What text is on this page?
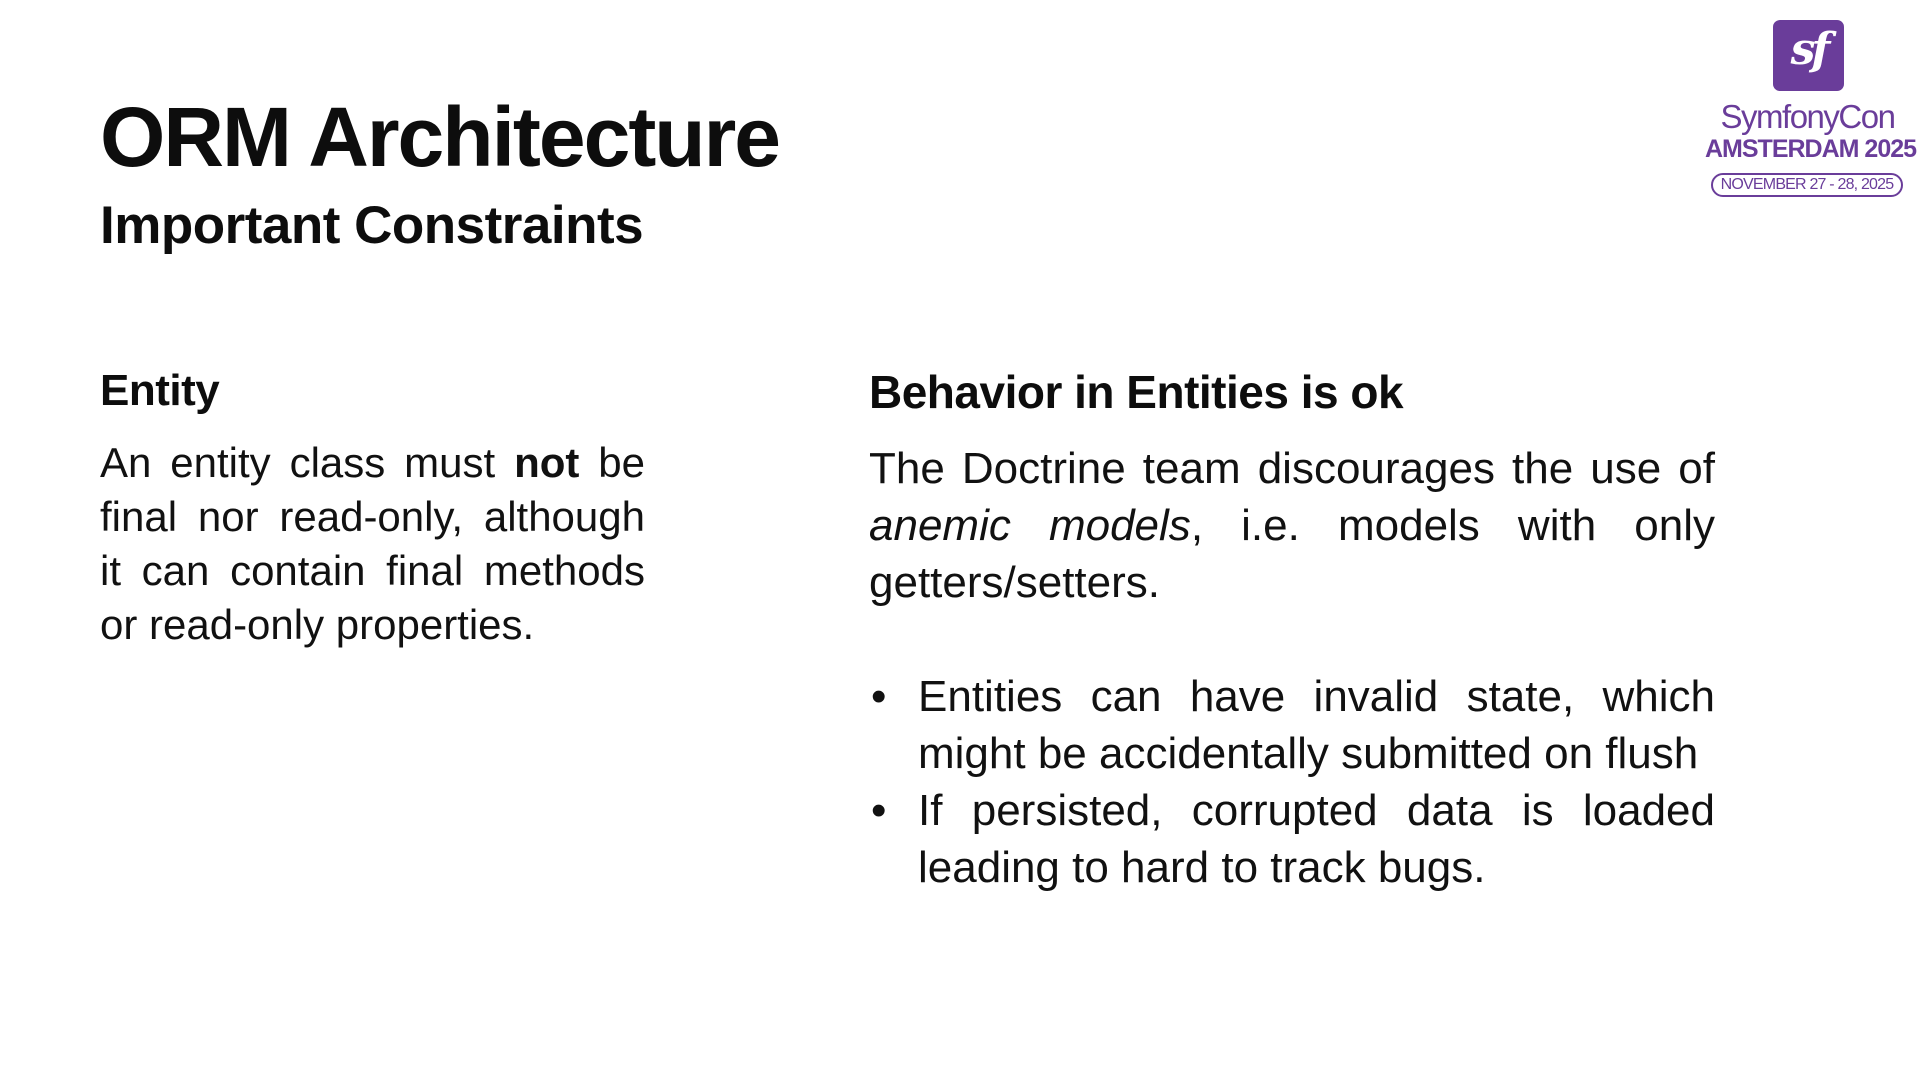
ORM Architecture
Important Constraints
sf
SymfonyCon
AMSTERDAM 2025
NOVEMBER 27 - 28, 2025
Entity

An entity class must not be final nor read-only, although it can contain final methods or read-only properties.

Behavior in Entities is ok

The Doctrine team discourages the use of anemic models, i.e. models with only getters/setters.

• Entities can have invalid state, which might be accidentally submitted on flush
• If persisted, corrupted data is loaded leading to hard to track bugs.
